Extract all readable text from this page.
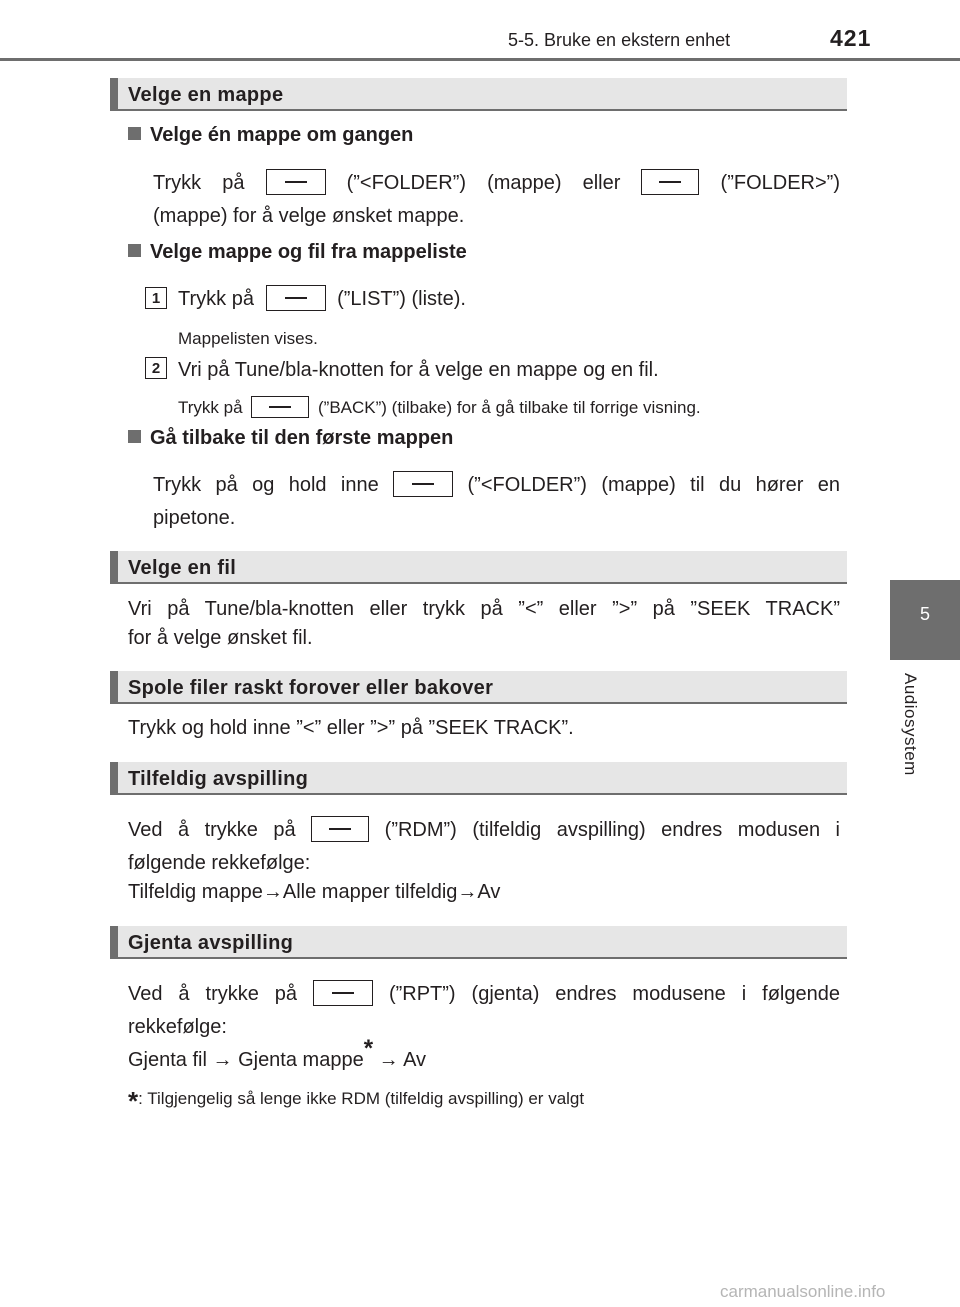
5-5. Bruke en ekstern enhet	421
5
Audiosystem
Velge en mappe
Velge én mappe om gangen
Trykk på	(”<FOLDER”) (mappe) eller	(”FOLDER>”)
(mappe) for å velge ønsket mappe.
Velge mappe og fil fra mappeliste
1 Trykk på	(”LIST”) (liste).
Mappelisten vises.
2 Vri på Tune/bla-knotten for å velge en mappe og en fil.
Trykk på	(”BACK”) (tilbake) for å gå tilbake til forrige visning.
Gå tilbake til den første mappen
Trykk på og hold inne	(”<FOLDER”) (mappe) til du hører en
pipetone.
Velge en fil
Vri på Tune/bla-knotten eller trykk på ”<” eller ”>” på ”SEEK TRACK”
for å velge ønsket fil.
Spole filer raskt forover eller bakover
Trykk og hold inne ”<” eller ”>” på ”SEEK TRACK”.
Tilfeldig avspilling
Ved å trykke på	(”RDM”) (tilfeldig avspilling) endres modusen i
følgende rekkefølge:
Tilfeldig mappe→Alle mapper tilfeldig→Av
Gjenta avspilling
Ved å trykke på	(”RPT”) (gjenta) endres modusene i følgende
rekkefølge:
Gjenta fil → Gjenta mappe* → Av
*: Tilgjengelig så lenge ikke RDM (tilfeldig avspilling) er valgt
carmanualsonline.info
